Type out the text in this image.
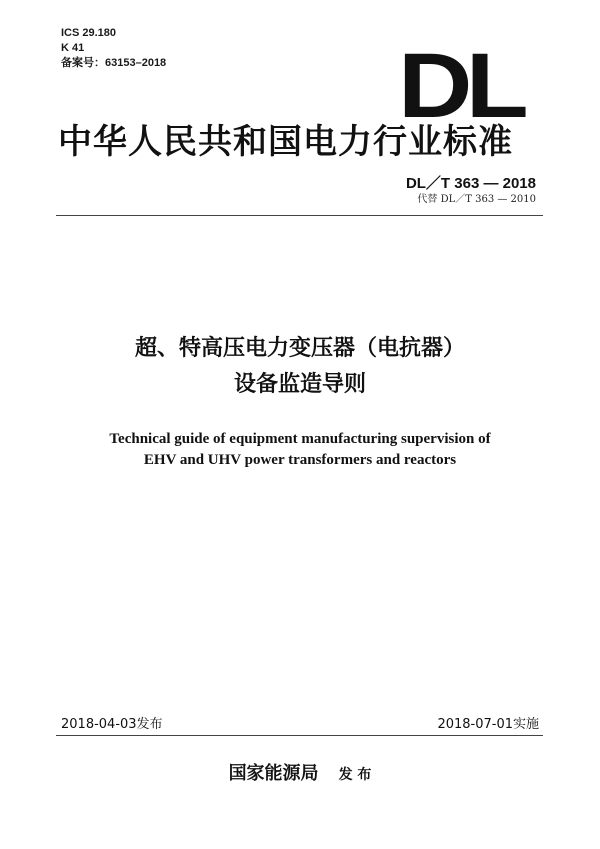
ICS 29.180
K 41
备案号：63153–2018	DL
中华人民共和国电力行业标准
DL／T 363 — 2018
代替 DL／T 363 — 2010
超、特高压电力变压器（电抗器）
设备监造导则
Technical guide of equipment manufacturing supervision of
EHV and UHV power transformers and reactors
2018-04-03发布	2018-07-01实施
国家能源局 发 布
